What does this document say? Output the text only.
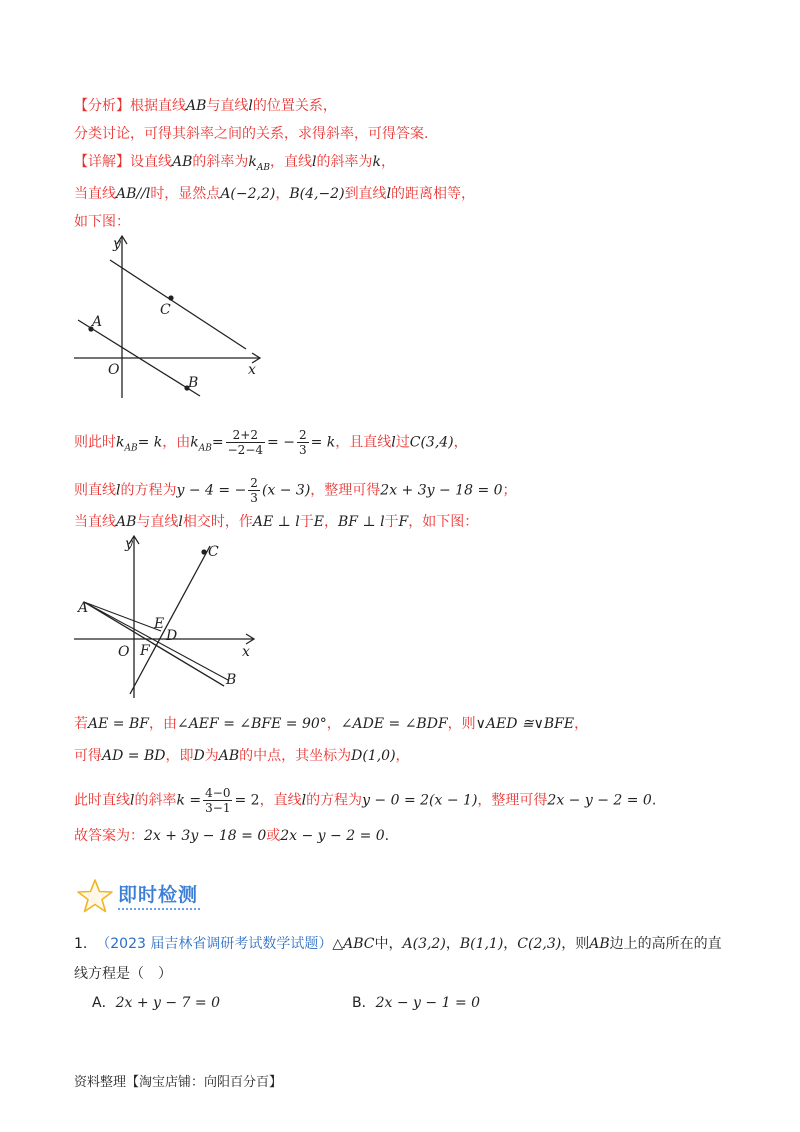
【分析】根据直线AB与直线l的位置关系，
分类讨论，可得其斜率之间的关系，求得斜率，可得答案.
【详解】设直线AB的斜率为$k_{AB}$，直线l的斜率为k，
当直线AB//l时，显然点A(−2,2)，B(4,−2)到直线l的距离相等，
如下图：
y
x
O
A
B
C
则此时$k_{AB}= k$，由$k_{AB}= \frac{2+2}{-2-4}$ = − $\frac{2}{3} = k$，且直线l过C(3,4)，
则直线l的方程为y − 4 = − $\frac{2}{3} (x - 3)$，整理可得2x + 3y − 18 = 0；
当直线AB与直线l相交时，作AE ⊥ l于E，BF ⊥ l于F，如下图：
y
x
O
A
B
C
D
E
F
若AE = BF，由∠AEF = ∠BFE = 90°，∠ADE = ∠BDF，则∨AED ≅∨BFE，
可得AD = BD，即D为AB的中点，其坐标为D(1,0)，
此时直线l的斜率$k = \frac{4-0}{3-1} = 2$，直线l的方程为y − 0 = 2(x − 1)，整理可得2x − y − 2 = 0.
故答案为：2x + 3y − 18 = 0或2x − y − 2 = 0.
即时检测
1. （2023 届吉林省调研考试数学试题）△ABC中，A(3,2)，B(1,1)，C(2,3)，则AB边上的高所在的直
线方程是（　）
A．2x + y − 7 = 0	B．2x − y − 1 = 0
资料整理【淘宝店铺：向阳百分百】
